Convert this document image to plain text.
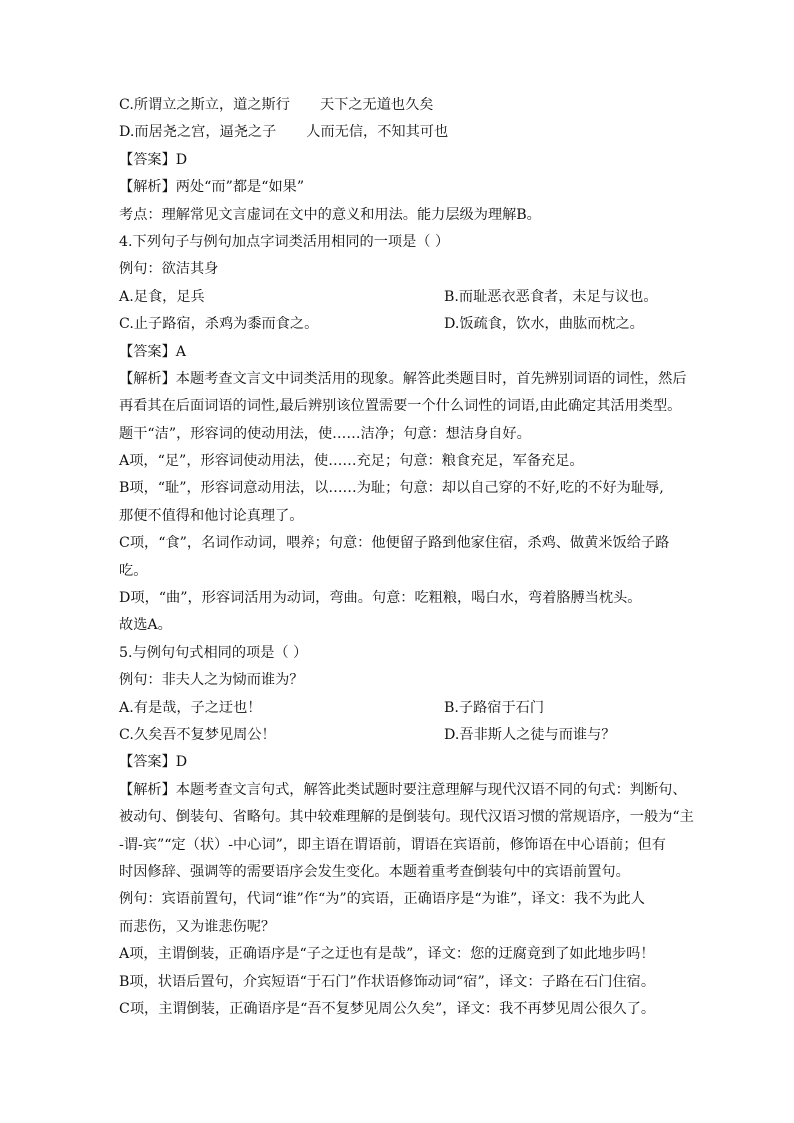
C.所谓立之斯立，道之斯行 天下之无道也久矣
D.而居尧之宫，逼尧之子 人而无信，不知其可也
【答案】D
【解析】两处“而”都是“如果”
考点：理解常见文言虚词在文中的意义和用法。能力层级为理解B。
4.下列句子与例句加点字词类活用相同的一项是（ ）
例句：欲洁其身
A.足食，足兵	B.而耻恶衣恶食者，未足与议也。
C.止子路宿，杀鸡为黍而食之。	D.饭疏食，饮水，曲肱而枕之。
【答案】A
【解析】本题考查文言文中词类活用的现象。解答此类题目时，首先辨别词语的词性，然后
再看其在后面词语的词性,最后辨别该位置需要一个什么词性的词语,由此确定其活用类型。
题干“洁”，形容词的使动用法，使……洁净；句意：想洁身自好。
A项，“足”，形容词使动用法，使……充足；句意：粮食充足，军备充足。
B项，“耻”，形容词意动用法，以……为耻；句意：却以自己穿的不好,吃的不好为耻辱,
那便不值得和他讨论真理了。
C项，“食”，名词作动词，喂养；句意：他便留子路到他家住宿，杀鸡、做黄米饭给子路
吃。
D项，“曲”，形容词活用为动词，弯曲。句意：吃粗粮，喝白水，弯着胳膊当枕头。
故选A。
5.与例句句式相同的项是（ ）
例句：非夫人之为恸而谁为？
A.有是哉，子之迂也！	B.子路宿于石门
C.久矣吾不复梦见周公！	D.吾非斯人之徒与而谁与？
【答案】D
【解析】本题考查文言句式，解答此类试题时要注意理解与现代汉语不同的句式：判断句、
被动句、倒装句、省略句。其中较难理解的是倒装句。现代汉语习惯的常规语序，一般为“主
-谓-宾”“定（状）-中心词”，即主语在谓语前，谓语在宾语前，修饰语在中心语前；但有
时因修辞、强调等的需要语序会发生变化。本题着重考查倒装句中的宾语前置句。
例句：宾语前置句，代词“谁”作“为”的宾语，正确语序是“为谁”，译文：我不为此人
而悲伤，又为谁悲伤呢？
A项，主谓倒装，正确语序是“子之迂也有是哉”，译文：您的迂腐竟到了如此地步吗！
B项，状语后置句，介宾短语“于石门”作状语修饰动词“宿”，译文：子路在石门住宿。
C项，主谓倒装，正确语序是“吾不复梦见周公久矣”，译文：我不再梦见周公很久了。
